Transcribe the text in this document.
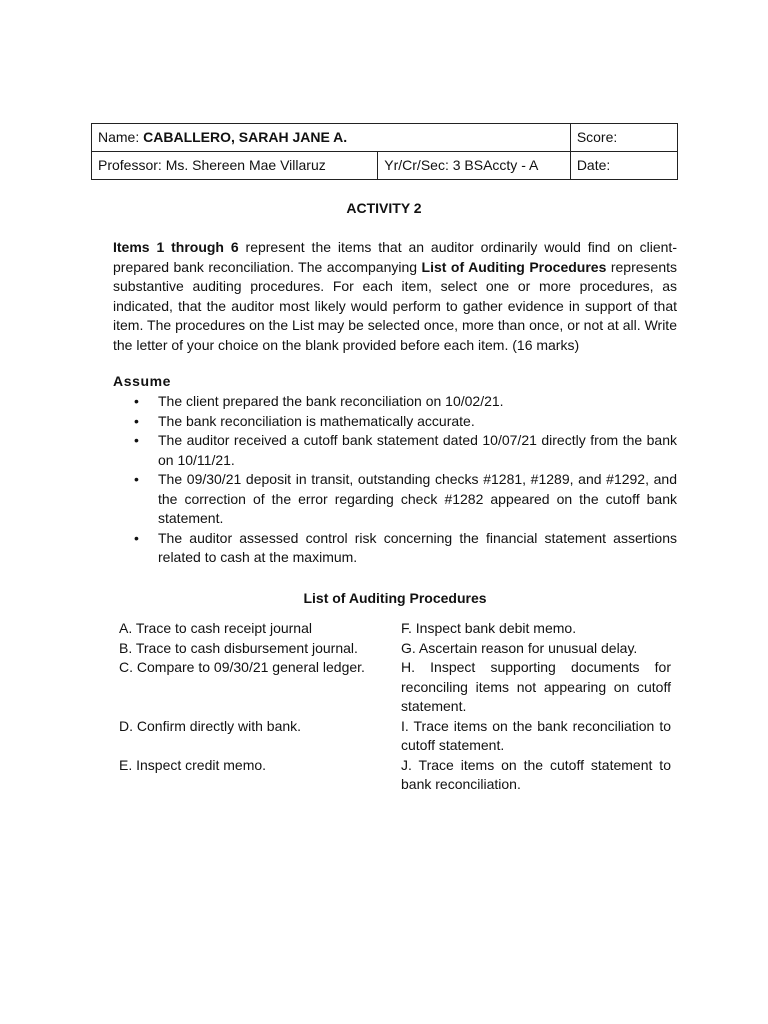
Name: CABALLERO, SARAH JANE A.		Score:
Professor: Ms. Shereen Mae Villaruz	Yr/Cr/Sec: 3 BSAccty - A	Date:
ACTIVITY 2
Items 1 through 6 represent the items that an auditor ordinarily would find on client-prepared bank reconciliation. The accompanying List of Auditing Procedures represents substantive auditing procedures. For each item, select one or more procedures, as indicated, that the auditor most likely would perform to gather evidence in support of that item. The procedures on the List may be selected once, more than once, or not at all. Write the letter of your choice on the blank provided before each item. (16 marks)
Assume
• The client prepared the bank reconciliation on 10/02/21.
• The bank reconciliation is mathematically accurate.
• The auditor received a cutoff bank statement dated 10/07/21 directly from the bank on 10/11/21.
• The 09/30/21 deposit in transit, outstanding checks #1281, #1289, and #1292, and the correction of the error regarding check #1282 appeared on the cutoff bank statement.
• The auditor assessed control risk concerning the financial statement assertions related to cash at the maximum.
List of Auditing Procedures
A. Trace to cash receipt journal	F. Inspect bank debit memo.
B. Trace to cash disbursement journal.	G. Ascertain reason for unusual delay.
C. Compare to 09/30/21 general ledger.	H. Inspect supporting documents for reconciling items not appearing on cutoff statement.
D. Confirm directly with bank.	I. Trace items on the bank reconciliation to cutoff statement.
E. Inspect credit memo.	J. Trace items on the cutoff statement to bank reconciliation.
